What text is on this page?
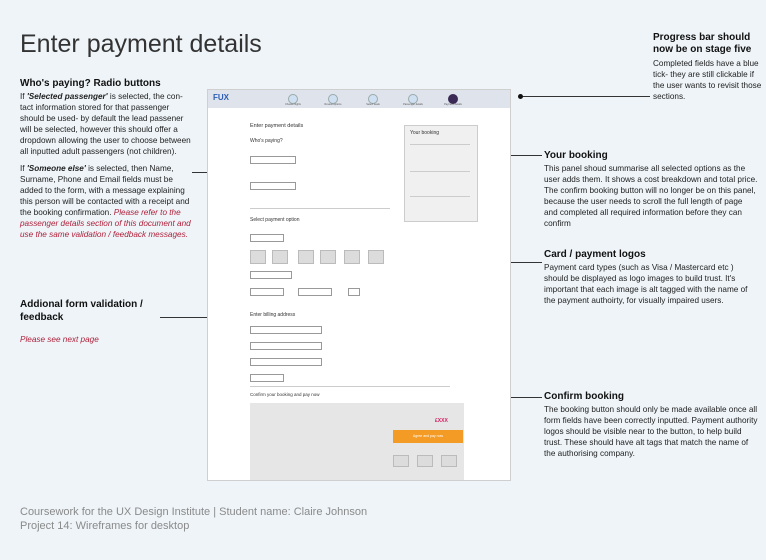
Enter payment details
Who's paying? Radio buttons

If 'Selected passenger' is selected, the con- tact information stored for that passenger should be used- by default the lead passener will be selected, however this should offer a dropdown allowing the user to choose between all inputted adult passengers (not children).

If 'Someone else' is selected, then Name, Surname, Phone and Email fields must be added to the form, with a message explaining this person will be contacted with a receipt and the booking confirmation. Please refer to the passenger details section of this document and use the same validation / feedback messages.

Addional form validation / feedback

Please see next page

Progress bar should now be on stage five

Completed fields have a blue tick- they are still clickable if the user wants to revisit those sections.

Your booking

This panel shoud summarise all selected options as the user adds them. It shows a cost breakdown and total price. The confirm booking button will no longer be on this panel, because the user needs to scroll the full length of page and completed all required information before they can confirm

Card / payment logos

Payment card types (such as Visa / Mastercard etc ) should be displayed as logo images to build trust. It's important that each image is alt tagged with the name of the payment authoirty, for visually impaired users.

Confirm booking

The booking button should only be made available once all form fields have been correctly inputted. Payment authority logos should be visible near to the button, to help build trust. These should have alt tags that match the name of the authorising company.

FUX
Choose flights	Review options	Select seats	Passenger details	Payment details
Enter payment details
Who's paying?
Select payment option
Enter billing address
Confirm your booking and pay now
£XXX
Agree and pay now
Your booking
Coursework for the UX Design Institute | Student name: Claire Johnson
Project 14: Wireframes for desktop
